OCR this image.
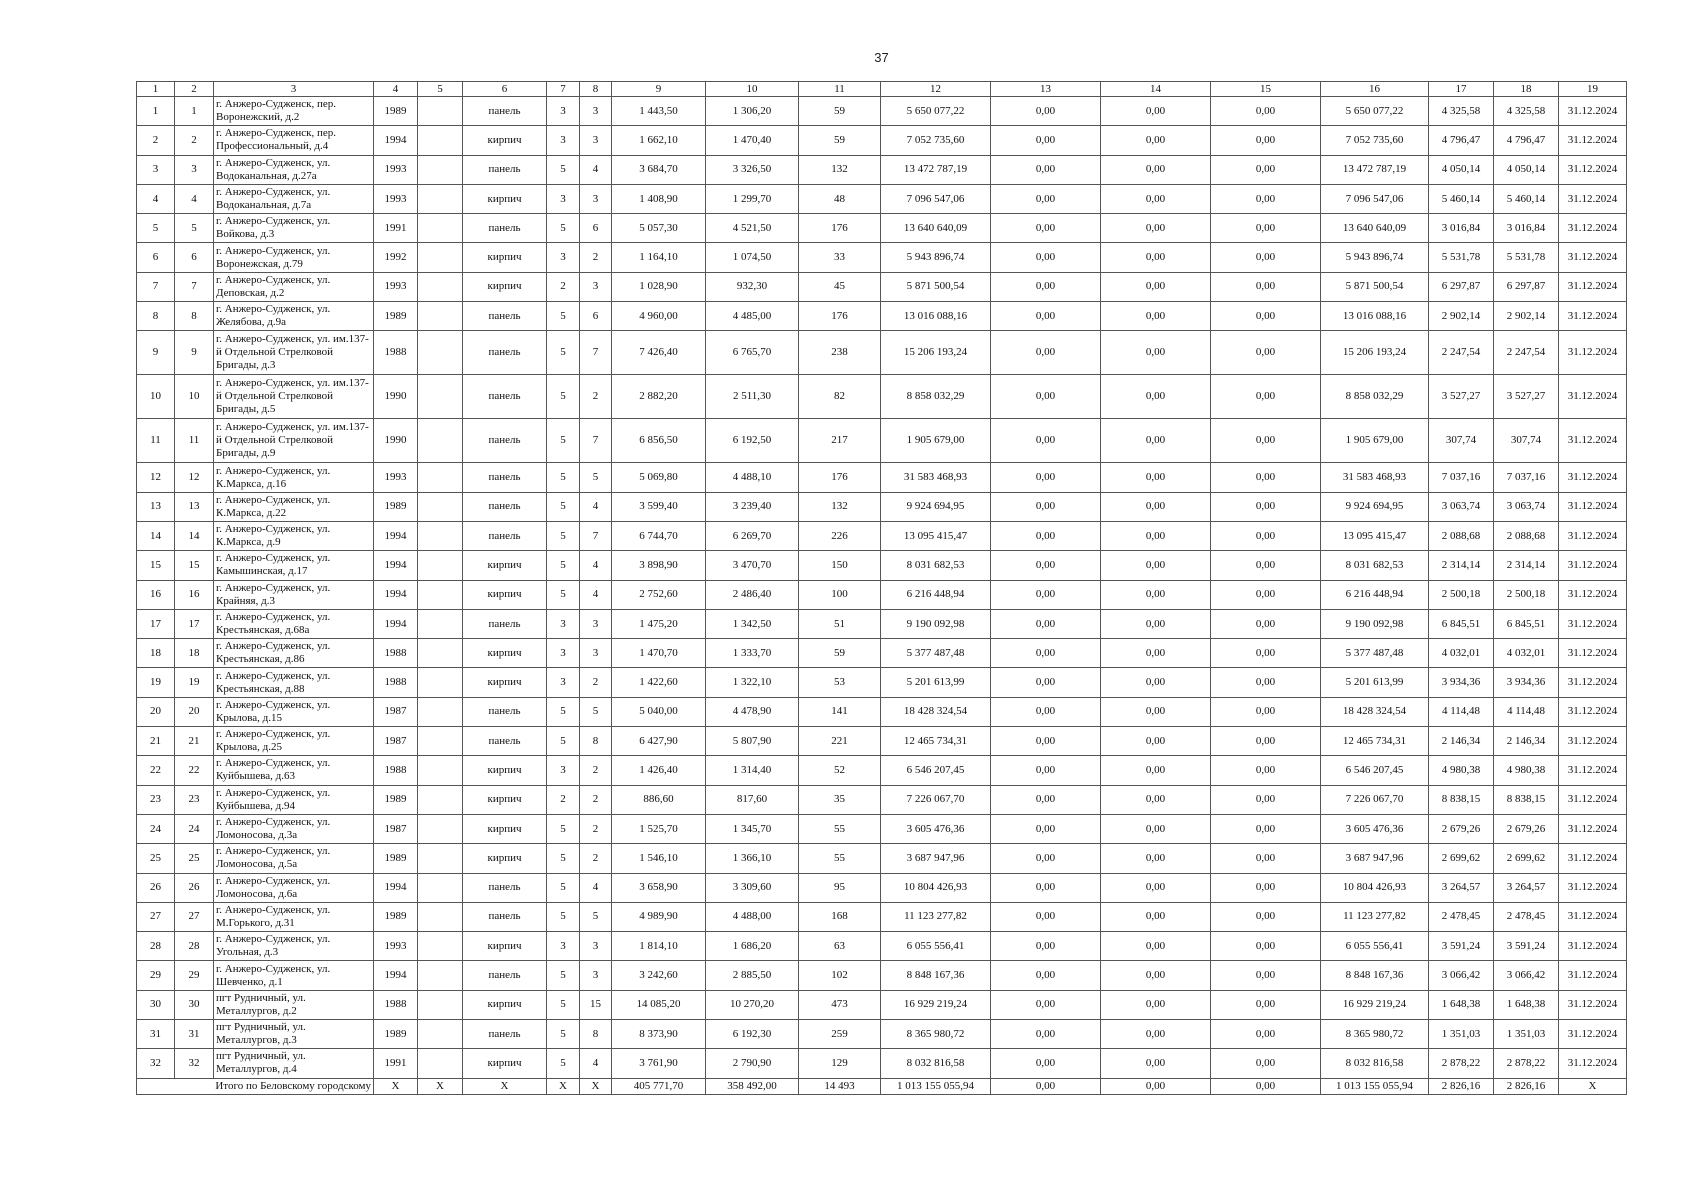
37
1	2	3	4	5	6	7	8	9	10	11	12	13	14	15	16	17	18	19
1	1	г. Анжеро-Судженск, пер. Воронежский, д.2	1989		панель	3	3	1 443,50	1 306,20	59	5 650 077,22	0,00	0,00	0,00	5 650 077,22	4 325,58	4 325,58	31.12.2024
2	2	г. Анжеро-Судженск, пер. Профессиональный, д.4	1994		кирпич	3	3	1 662,10	1 470,40	59	7 052 735,60	0,00	0,00	0,00	7 052 735,60	4 796,47	4 796,47	31.12.2024
3	3	г. Анжеро-Судженск, ул. Водоканальная, д.27а	1993		панель	5	4	3 684,70	3 326,50	132	13 472 787,19	0,00	0,00	0,00	13 472 787,19	4 050,14	4 050,14	31.12.2024
4	4	г. Анжеро-Судженск, ул. Водоканальная, д.7а	1993		кирпич	3	3	1 408,90	1 299,70	48	7 096 547,06	0,00	0,00	0,00	7 096 547,06	5 460,14	5 460,14	31.12.2024
5	5	г. Анжеро-Судженск, ул. Войкова, д.3	1991		панель	5	6	5 057,30	4 521,50	176	13 640 640,09	0,00	0,00	0,00	13 640 640,09	3 016,84	3 016,84	31.12.2024
6	6	г. Анжеро-Судженск, ул. Воронежская, д.79	1992		кирпич	3	2	1 164,10	1 074,50	33	5 943 896,74	0,00	0,00	0,00	5 943 896,74	5 531,78	5 531,78	31.12.2024
7	7	г. Анжеро-Судженск, ул. Деповская, д.2	1993		кирпич	2	3	1 028,90	932,30	45	5 871 500,54	0,00	0,00	0,00	5 871 500,54	6 297,87	6 297,87	31.12.2024
8	8	г. Анжеро-Судженск, ул. Желябова, д.9а	1989		панель	5	6	4 960,00	4 485,00	176	13 016 088,16	0,00	0,00	0,00	13 016 088,16	2 902,14	2 902,14	31.12.2024
9	9	г. Анжеро-Судженск, ул. им.137-й Отдельной Стрелковой Бригады, д.3	1988		панель	5	7	7 426,40	6 765,70	238	15 206 193,24	0,00	0,00	0,00	15 206 193,24	2 247,54	2 247,54	31.12.2024
10	10	г. Анжеро-Судженск, ул. им.137-й Отдельной Стрелковой Бригады, д.5	1990		панель	5	2	2 882,20	2 511,30	82	8 858 032,29	0,00	0,00	0,00	8 858 032,29	3 527,27	3 527,27	31.12.2024
11	11	г. Анжеро-Судженск, ул. им.137-й Отдельной Стрелковой Бригады, д.9	1990		панель	5	7	6 856,50	6 192,50	217	1 905 679,00	0,00	0,00	0,00	1 905 679,00	307,74	307,74	31.12.2024
12	12	г. Анжеро-Судженск, ул. К.Маркса, д.16	1993		панель	5	5	5 069,80	4 488,10	176	31 583 468,93	0,00	0,00	0,00	31 583 468,93	7 037,16	7 037,16	31.12.2024
13	13	г. Анжеро-Судженск, ул. К.Маркса, д.22	1989		панель	5	4	3 599,40	3 239,40	132	9 924 694,95	0,00	0,00	0,00	9 924 694,95	3 063,74	3 063,74	31.12.2024
14	14	г. Анжеро-Судженск, ул. К.Маркса, д.9	1994		панель	5	7	6 744,70	6 269,70	226	13 095 415,47	0,00	0,00	0,00	13 095 415,47	2 088,68	2 088,68	31.12.2024
15	15	г. Анжеро-Судженск, ул. Камышинская, д.17	1994		кирпич	5	4	3 898,90	3 470,70	150	8 031 682,53	0,00	0,00	0,00	8 031 682,53	2 314,14	2 314,14	31.12.2024
16	16	г. Анжеро-Судженск, ул. Крайняя, д.3	1994		кирпич	5	4	2 752,60	2 486,40	100	6 216 448,94	0,00	0,00	0,00	6 216 448,94	2 500,18	2 500,18	31.12.2024
17	17	г. Анжеро-Судженск, ул. Крестьянская, д.68а	1994		панель	3	3	1 475,20	1 342,50	51	9 190 092,98	0,00	0,00	0,00	9 190 092,98	6 845,51	6 845,51	31.12.2024
18	18	г. Анжеро-Судженск, ул. Крестьянская, д.86	1988		кирпич	3	3	1 470,70	1 333,70	59	5 377 487,48	0,00	0,00	0,00	5 377 487,48	4 032,01	4 032,01	31.12.2024
19	19	г. Анжеро-Судженск, ул. Крестьянская, д.88	1988		кирпич	3	2	1 422,60	1 322,10	53	5 201 613,99	0,00	0,00	0,00	5 201 613,99	3 934,36	3 934,36	31.12.2024
20	20	г. Анжеро-Судженск, ул. Крылова, д.15	1987		панель	5	5	5 040,00	4 478,90	141	18 428 324,54	0,00	0,00	0,00	18 428 324,54	4 114,48	4 114,48	31.12.2024
21	21	г. Анжеро-Судженск, ул. Крылова, д.25	1987		панель	5	8	6 427,90	5 807,90	221	12 465 734,31	0,00	0,00	0,00	12 465 734,31	2 146,34	2 146,34	31.12.2024
22	22	г. Анжеро-Судженск, ул. Куйбышева, д.63	1988		кирпич	3	2	1 426,40	1 314,40	52	6 546 207,45	0,00	0,00	0,00	6 546 207,45	4 980,38	4 980,38	31.12.2024
23	23	г. Анжеро-Судженск, ул. Куйбышева, д.94	1989		кирпич	2	2	886,60	817,60	35	7 226 067,70	0,00	0,00	0,00	7 226 067,70	8 838,15	8 838,15	31.12.2024
24	24	г. Анжеро-Судженск, ул. Ломоносова, д.3а	1987		кирпич	5	2	1 525,70	1 345,70	55	3 605 476,36	0,00	0,00	0,00	3 605 476,36	2 679,26	2 679,26	31.12.2024
25	25	г. Анжеро-Судженск, ул. Ломоносова, д.5а	1989		кирпич	5	2	1 546,10	1 366,10	55	3 687 947,96	0,00	0,00	0,00	3 687 947,96	2 699,62	2 699,62	31.12.2024
26	26	г. Анжеро-Судженск, ул. Ломоносова, д.6а	1994		панель	5	4	3 658,90	3 309,60	95	10 804 426,93	0,00	0,00	0,00	10 804 426,93	3 264,57	3 264,57	31.12.2024
27	27	г. Анжеро-Судженск, ул. М.Горького, д.31	1989		панель	5	5	4 989,90	4 488,00	168	11 123 277,82	0,00	0,00	0,00	11 123 277,82	2 478,45	2 478,45	31.12.2024
28	28	г. Анжеро-Судженск, ул. Угольная, д.3	1993		кирпич	3	3	1 814,10	1 686,20	63	6 055 556,41	0,00	0,00	0,00	6 055 556,41	3 591,24	3 591,24	31.12.2024
29	29	г. Анжеро-Судженск, ул. Шевченко, д.1	1994		панель	5	3	3 242,60	2 885,50	102	8 848 167,36	0,00	0,00	0,00	8 848 167,36	3 066,42	3 066,42	31.12.2024
30	30	пгт Рудничный, ул. Металлургов, д.2	1988		кирпич	5	15	14 085,20	10 270,20	473	16 929 219,24	0,00	0,00	0,00	16 929 219,24	1 648,38	1 648,38	31.12.2024
31	31	пгт Рудничный, ул. Металлургов, д.3	1989		панель	5	8	8 373,90	6 192,30	259	8 365 980,72	0,00	0,00	0,00	8 365 980,72	1 351,03	1 351,03	31.12.2024
32	32	пгт Рудничный, ул. Металлургов, д.4	1991		кирпич	5	4	3 761,90	2 790,90	129	8 032 816,58	0,00	0,00	0,00	8 032 816,58	2 878,22	2 878,22	31.12.2024
Итого по Беловскому городскому			Х	Х	Х	Х	Х	405 771,70	358 492,00	14 493	1 013 155 055,94	0,00	0,00	0,00	1 013 155 055,94	2 826,16	2 826,16	Х
